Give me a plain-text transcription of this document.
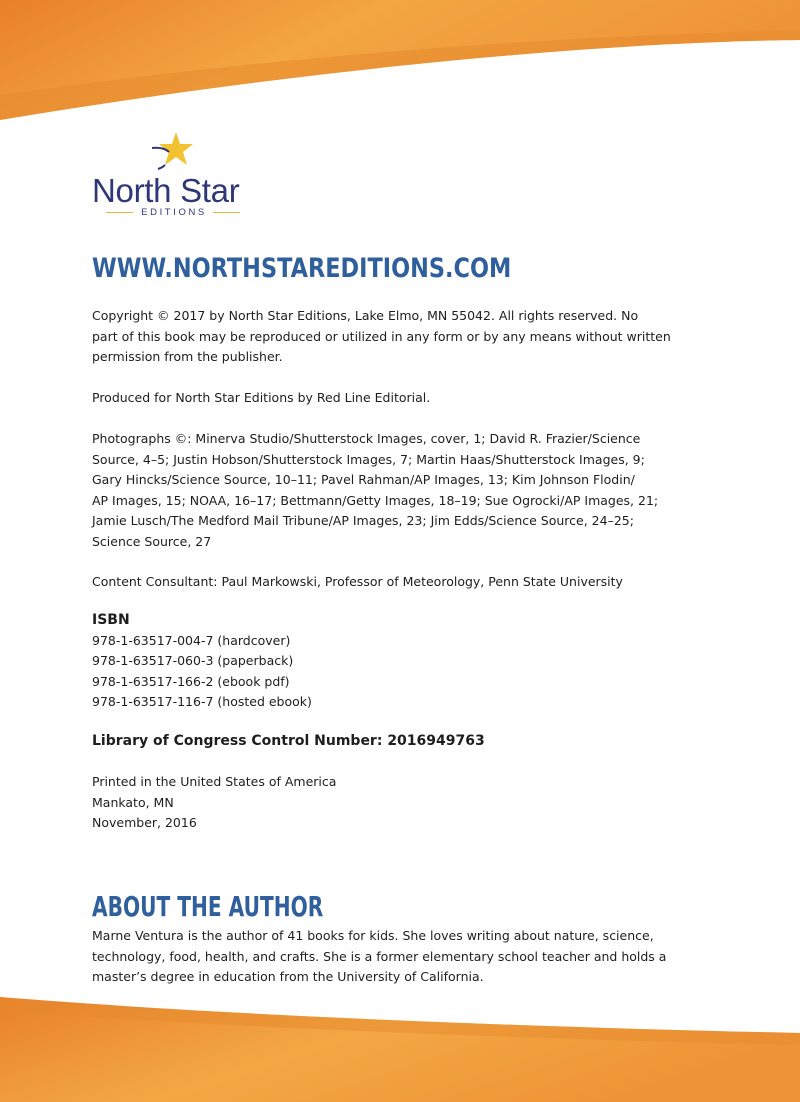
North Star
EDITIONS
WWW.NORTHSTAREDITIONS.COM
Copyright © 2017 by North Star Editions, Lake Elmo, MN 55042. All rights reserved. No
part of this book may be reproduced or utilized in any form or by any means without written
permission from the publisher.
Produced for North Star Editions by Red Line Editorial.
Photographs ©: Minerva Studio/Shutterstock Images, cover, 1; David R. Frazier/Science
Source, 4–5; Justin Hobson/Shutterstock Images, 7; Martin Haas/Shutterstock Images, 9;
Gary Hincks/Science Source, 10–11; Pavel Rahman/AP Images, 13; Kim Johnson Flodin/
AP Images, 15; NOAA, 16–17; Bettmann/Getty Images, 18–19; Sue Ogrocki/AP Images, 21;
Jamie Lusch/The Medford Mail Tribune/AP Images, 23; Jim Edds/Science Source, 24–25;
Science Source, 27
Content Consultant: Paul Markowski, Professor of Meteorology, Penn State University
ISBN
978-1-63517-004-7 (hardcover)
978-1-63517-060-3 (paperback)
978-1-63517-166-2 (ebook pdf)
978-1-63517-116-7 (hosted ebook)
Library of Congress Control Number: 2016949763
Printed in the United States of America
Mankato, MN
November, 2016
ABOUT THE AUTHOR
Marne Ventura is the author of 41 books for kids. She loves writing about nature, science,
technology, food, health, and crafts. She is a former elementary school teacher and holds a
master’s degree in education from the University of California.
